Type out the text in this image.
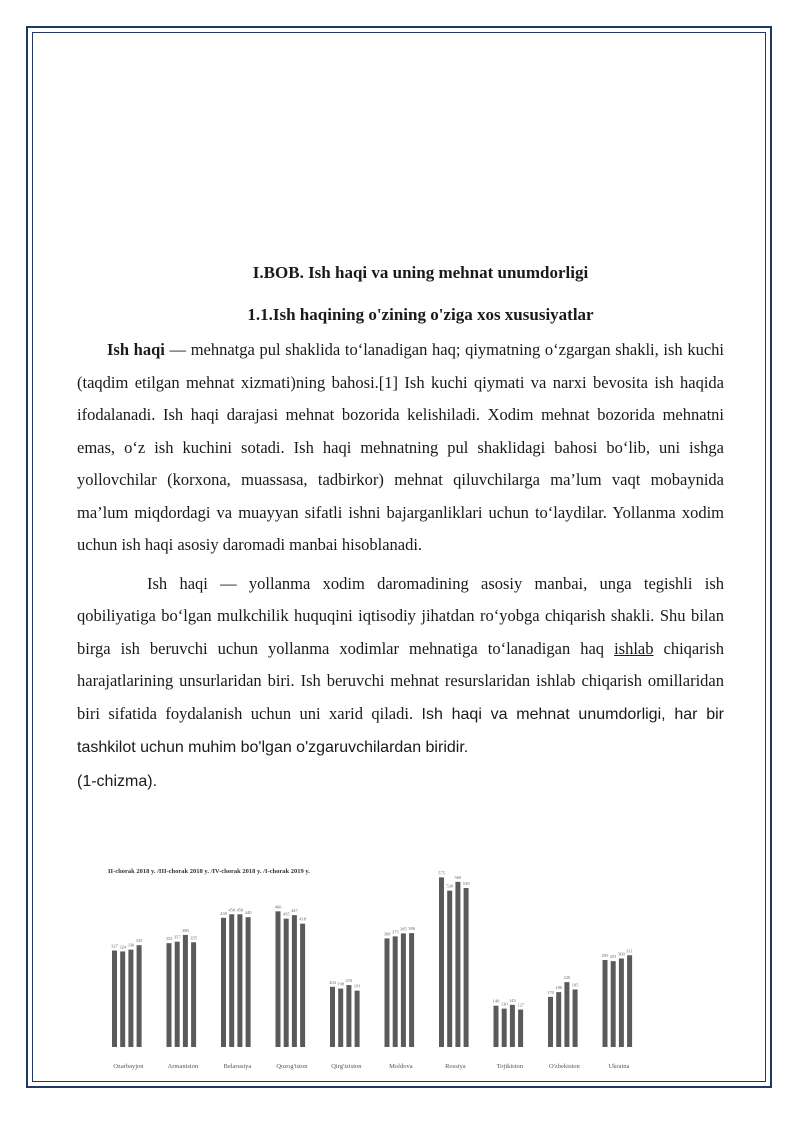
I.BOB. Ish haqi va uning mehnat unumdorligi
1.1.Ish haqining o'zining o'ziga xos xususiyatlar

Ish haqi — mehnatga pul shaklida to‘lanadigan haq; qiymatning o‘zgargan shakli, ish kuchi (taqdim etilgan mehnat xizmati)ning bahosi.[1] Ish kuchi qiymati va narxi bevosita ish haqida ifodalanadi. Ish haqi darajasi mehnat bozorida kelishiladi. Xodim mehnat bozorida mehnatni emas, o‘z ish kuchini sotadi. Ish haqi mehnatning pul shaklidagi bahosi bo‘lib, uni ishga yollovchilar (korxona, muassasa, tadbirkor) mehnat qiluvchilarga ma’lum vaqt mobaynida ma’lum miqdordagi va muayyan sifatli ishni bajarganliklari uchun to‘laydilar. Yollanma xodim uchun ish haqi asosiy daromadi manbai hisoblanadi.

Ish haqi — yollanma xodim daromadining asosiy manbai, unga tegishli ish qobiliyatiga bo‘lgan mulkchilik huquqini iqtisodiy jihatdan ro‘yobga chiqarish shakli. Shu bilan birga ish beruvchi uchun yollanma xodimlar mehnatiga to‘lanadigan haq ishlab chiqarish harajatlarining unsurlaridan biri. Ish beruvchi mehnat resurslaridan ishlab chiqarish omillaridan biri sifatida foydalanish uchun uni xarid qiladi. Ish haqi va mehnat unumdorligi, har bir tashkilot uchun muhim bo'lgan o'zgaruvchilardan biridir.
(1-chizma).

II-chorak 2018 y. /III-chorak 2018 y. /IV-chorak 2018 y. /I-chorak 2019 y.
327 324 330
345	352 357
380
355
438
450 450
440
460
435
447
418
204 198
210
191
368 375
385 386
575
530
560
539
140
130
143
127
170
186
220
195
295 291
300
311
Ozarbayjon	Armaniston	Belarusiya	Qozog'iston	Qirg'iziston	Moldova	Rossiya	Tojikiston	O'zbekiston	Ukraina
